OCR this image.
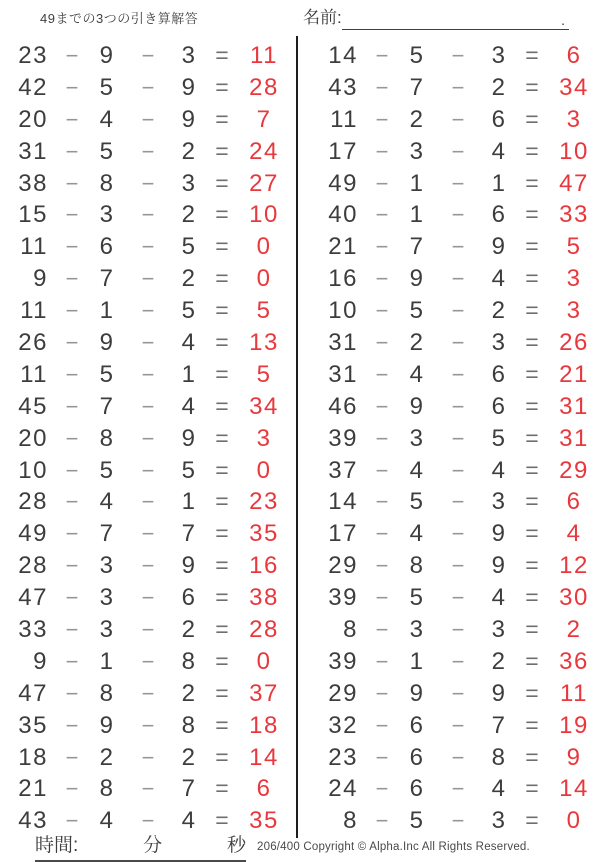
49までの3つの引き算解答	名前:	.
23 − 9	−	3 = 11
42 − 5	−	9 = 28
20 − 4	−	9 =	7
31 − 5	−	2 = 24
38 − 8	−	3 = 27
15 − 3	−	2 = 10
11 − 6	−	5 =	0
9 − 7	−	2 =	0
11 − 1	−	5 =	5
26 − 9	−	4 = 13
11 − 5	−	1 =	5
45 − 7	−	4 = 34
20 − 8	−	9 =	3
10 − 5	−	5 =	0
28 − 4	−	1 = 23
49 − 7	−	7 = 35
28 − 3	−	9 = 16
47 − 3	−	6 = 38
33 − 3	−	2 = 28
9 − 1	−	8 =	0
47 − 8	−	2 = 37
35 − 9	−	8 = 18
18 − 2	−	2 = 14
21 − 8	−	7 =	6
43 − 4	−	4 = 35
14 − 5	−	3 =	6
43 − 7	−	2 = 34
11 − 2	−	6 =	3
17 − 3	−	4 = 10
49 − 1	−	1 = 47
40 − 1	−	6 = 33
21 − 7	−	9 =	5
16 − 9	−	4 =	3
10 − 5	−	2 =	3
31 − 2	−	3 = 26
31 − 4	−	6 = 21
46 − 9	−	6 = 31
39 − 3	−	5 = 31
37 − 4	−	4 = 29
14 − 5	−	3 =	6
17 − 4	−	9 =	4
29 − 8	−	9 = 12
39 − 5	−	4 = 30
8 − 3	−	3 =	2
39 − 1	−	2 = 36
29 − 9	−	9 = 11
32 − 6	−	7 = 19
23 − 6	−	8 =	9
24 − 6	−	4 = 14
8 − 5	−	3 =	0
時間:	分	秒 206/400 Copyright © Alpha.Inc All Rights Reserved.
